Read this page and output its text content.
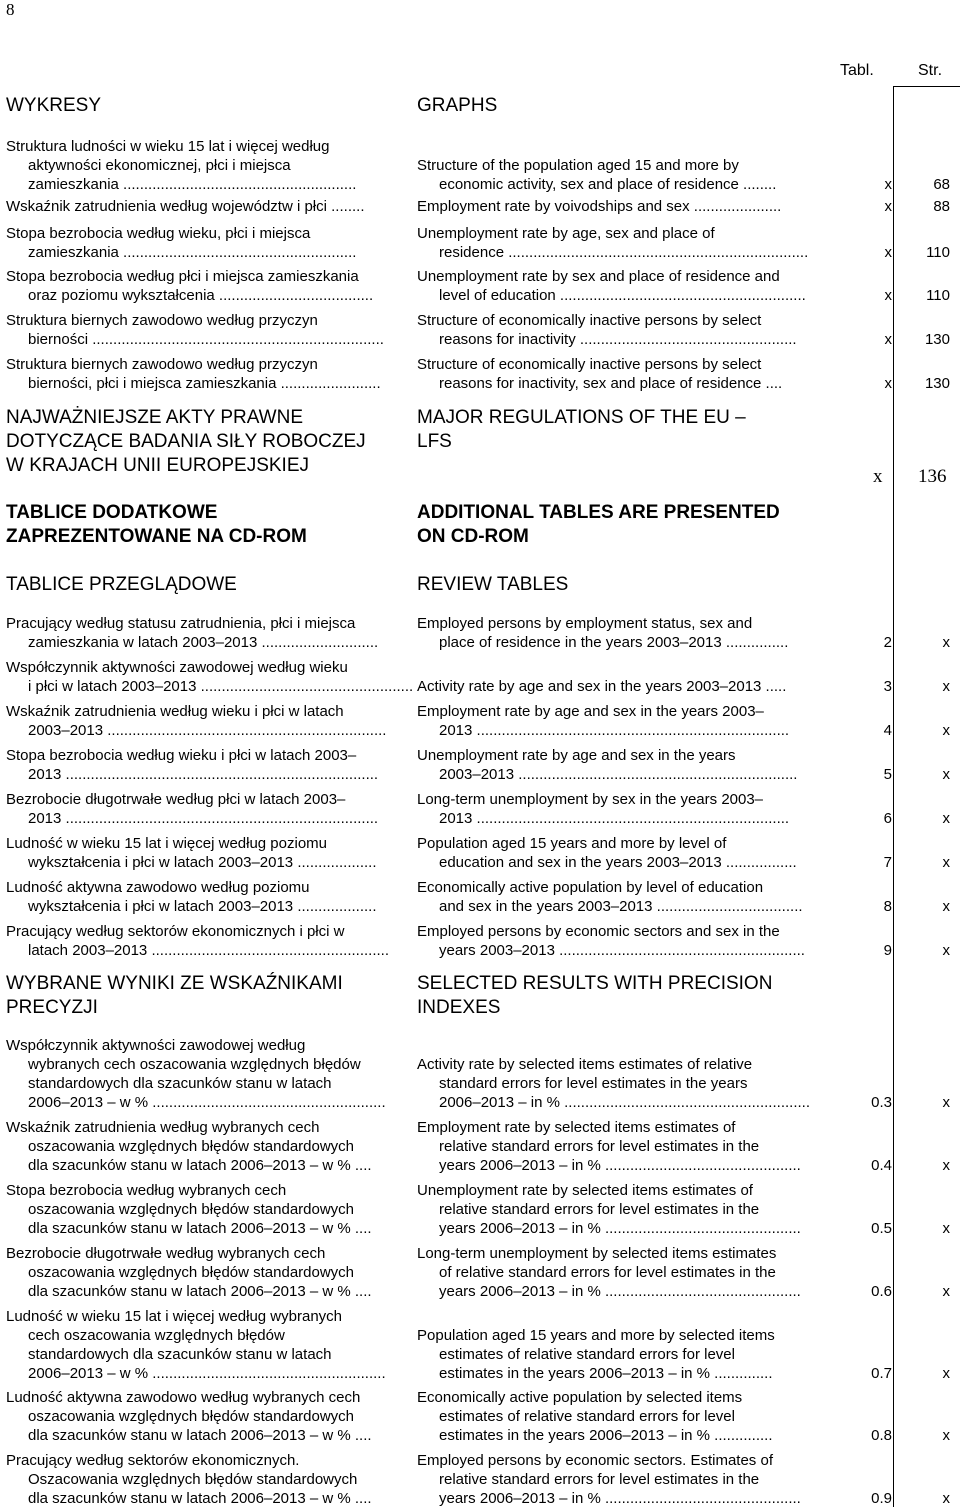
8
Tabl.	Str.
WYKRESY	GRAPHS
Struktura ludności w wieku 15 lat i więcej według
aktywności ekonomicznej, płci i miejsca
zamieszkania ........................................................
Structure of the population aged 15 and more by
economic activity, sex and place of residence ........	x	68
Wskaźnik zatrudnienia według województw i płci ........	Employment rate by voivodships and sex .....................	x	88
Stopa bezrobocia według wieku, płci i miejsca
zamieszkania ........................................................
Unemployment rate by age, sex and place of
residence ........................................................................	x	110
Stopa bezrobocia według płci i miejsca zamieszkania
oraz poziomu wykształcenia .....................................
Unemployment rate by sex and place of residence and
level of education ...........................................................	x	110
Struktura biernych zawodowo według przyczyn
bierności ......................................................................
Structure of economically inactive persons by select
reasons for inactivity ....................................................	x	130
Struktura biernych zawodowo według przyczyn
bierności, płci i miejsca zamieszkania ........................
Structure of economically inactive persons by select
reasons for inactivity, sex and place of residence ....	x	130
NAJWAŻNIEJSZE AKTY PRAWNE
DOTYCZĄCE BADANIA SIŁY ROBOCZEJ
W KRAJACH UNII EUROPEJSKIEJ
MAJOR REGULATIONS OF THE EU –
LFS
x 136
TABLICE DODATKOWE
ZAPREZENTOWANE NA CD-ROM
ADDITIONAL TABLES ARE PRESENTED
ON CD-ROM
TABLICE PRZEGLĄDOWE	REVIEW TABLES
Pracujący według statusu zatrudnienia, płci i miejsca
zamieszkania w latach 2003–2013 ............................
Employed persons by employment status, sex and
place of residence in the years 2003–2013 ...............	2	x
Współczynnik aktywności zawodowej według wieku
i płci w latach 2003–2013 ................................................... Activity rate by age and sex in the years 2003–2013 .....	3	x
Wskaźnik zatrudnienia według wieku i płci w latach
2003–2013 ...................................................................
Employment rate by age and sex in the years 2003–
2013 ...........................................................................	4	x
Stopa bezrobocia według wieku i płci w latach 2003–
2013 ...........................................................................
Unemployment rate by age and sex in the years
2003–2013 ...................................................................	5	x
Bezrobocie długotrwałe według płci w latach 2003–
2013 ...........................................................................
Long-term unemployment by sex in the years 2003–
2013 ...........................................................................	6	x
Ludność w wieku 15 lat i więcej według poziomu
wykształcenia i płci w latach 2003–2013 ...................
Population aged 15 years and more by level of
education and sex in the years 2003–2013 .................	7	x
Ludność aktywna zawodowo według poziomu
wykształcenia i płci w latach 2003–2013 ...................
Economically active population by level of education
and sex in the years 2003–2013 ...................................	8	x
Pracujący według sektorów ekonomicznych i płci w
latach 2003–2013 .........................................................
Employed persons by economic sectors and sex in the
years 2003–2013 ...........................................................	9	x
WYBRANE WYNIKI ZE WSKAŹNIKAMI
PRECYZJI
SELECTED RESULTS WITH PRECISION
INDEXES
Współczynnik aktywności zawodowej według
wybranych cech oszacowania względnych błędów
standardowych dla szacunków stanu w latach
2006–2013 – w % ........................................................
Activity rate by selected items estimates of relative
standard errors for level estimates in the years
2006–2013 – in % ...........................................................	0.3	x
Wskaźnik zatrudnienia według wybranych cech
oszacowania względnych błędów standardowych
dla szacunków stanu w latach 2006–2013 – w % ....
Employment rate by selected items estimates of
relative standard errors for level estimates in the
years 2006–2013 – in % ...............................................	0.4	x
Stopa bezrobocia według wybranych cech
oszacowania względnych błędów standardowych
dla szacunków stanu w latach 2006–2013 – w % ....
Unemployment rate by selected items estimates of
relative standard errors for level estimates in the
years 2006–2013 – in % ...............................................	0.5	x
Bezrobocie długotrwałe według wybranych cech
oszacowania względnych błędów standardowych
dla szacunków stanu w latach 2006–2013 – w % ....
Long-term unemployment by selected items estimates
of relative standard errors for level estimates in the
years 2006–2013 – in % ...............................................	0.6	x
Ludność w wieku 15 lat i więcej według wybranych
cech oszacowania względnych błędów
standardowych dla szacunków stanu w latach
2006–2013 – w % ........................................................
Population aged 15 years and more by selected items
estimates of relative standard errors for level
estimates in the years 2006–2013 – in % ..............	0.7	x
Ludność aktywna zawodowo według wybranych cech
oszacowania względnych błędów standardowych
dla szacunków stanu w latach 2006–2013 – w % ....
Economically active population by selected items
estimates of relative standard errors for level
estimates in the years 2006–2013 – in % ..............	0.8	x
Pracujący według sektorów ekonomicznych.
Oszacowania względnych błędów standardowych
dla szacunków stanu w latach 2006–2013 – w % ....
Employed persons by economic sectors. Estimates of
relative standard errors for level estimates in the
years 2006–2013 – in % ...............................................	0.9	x
